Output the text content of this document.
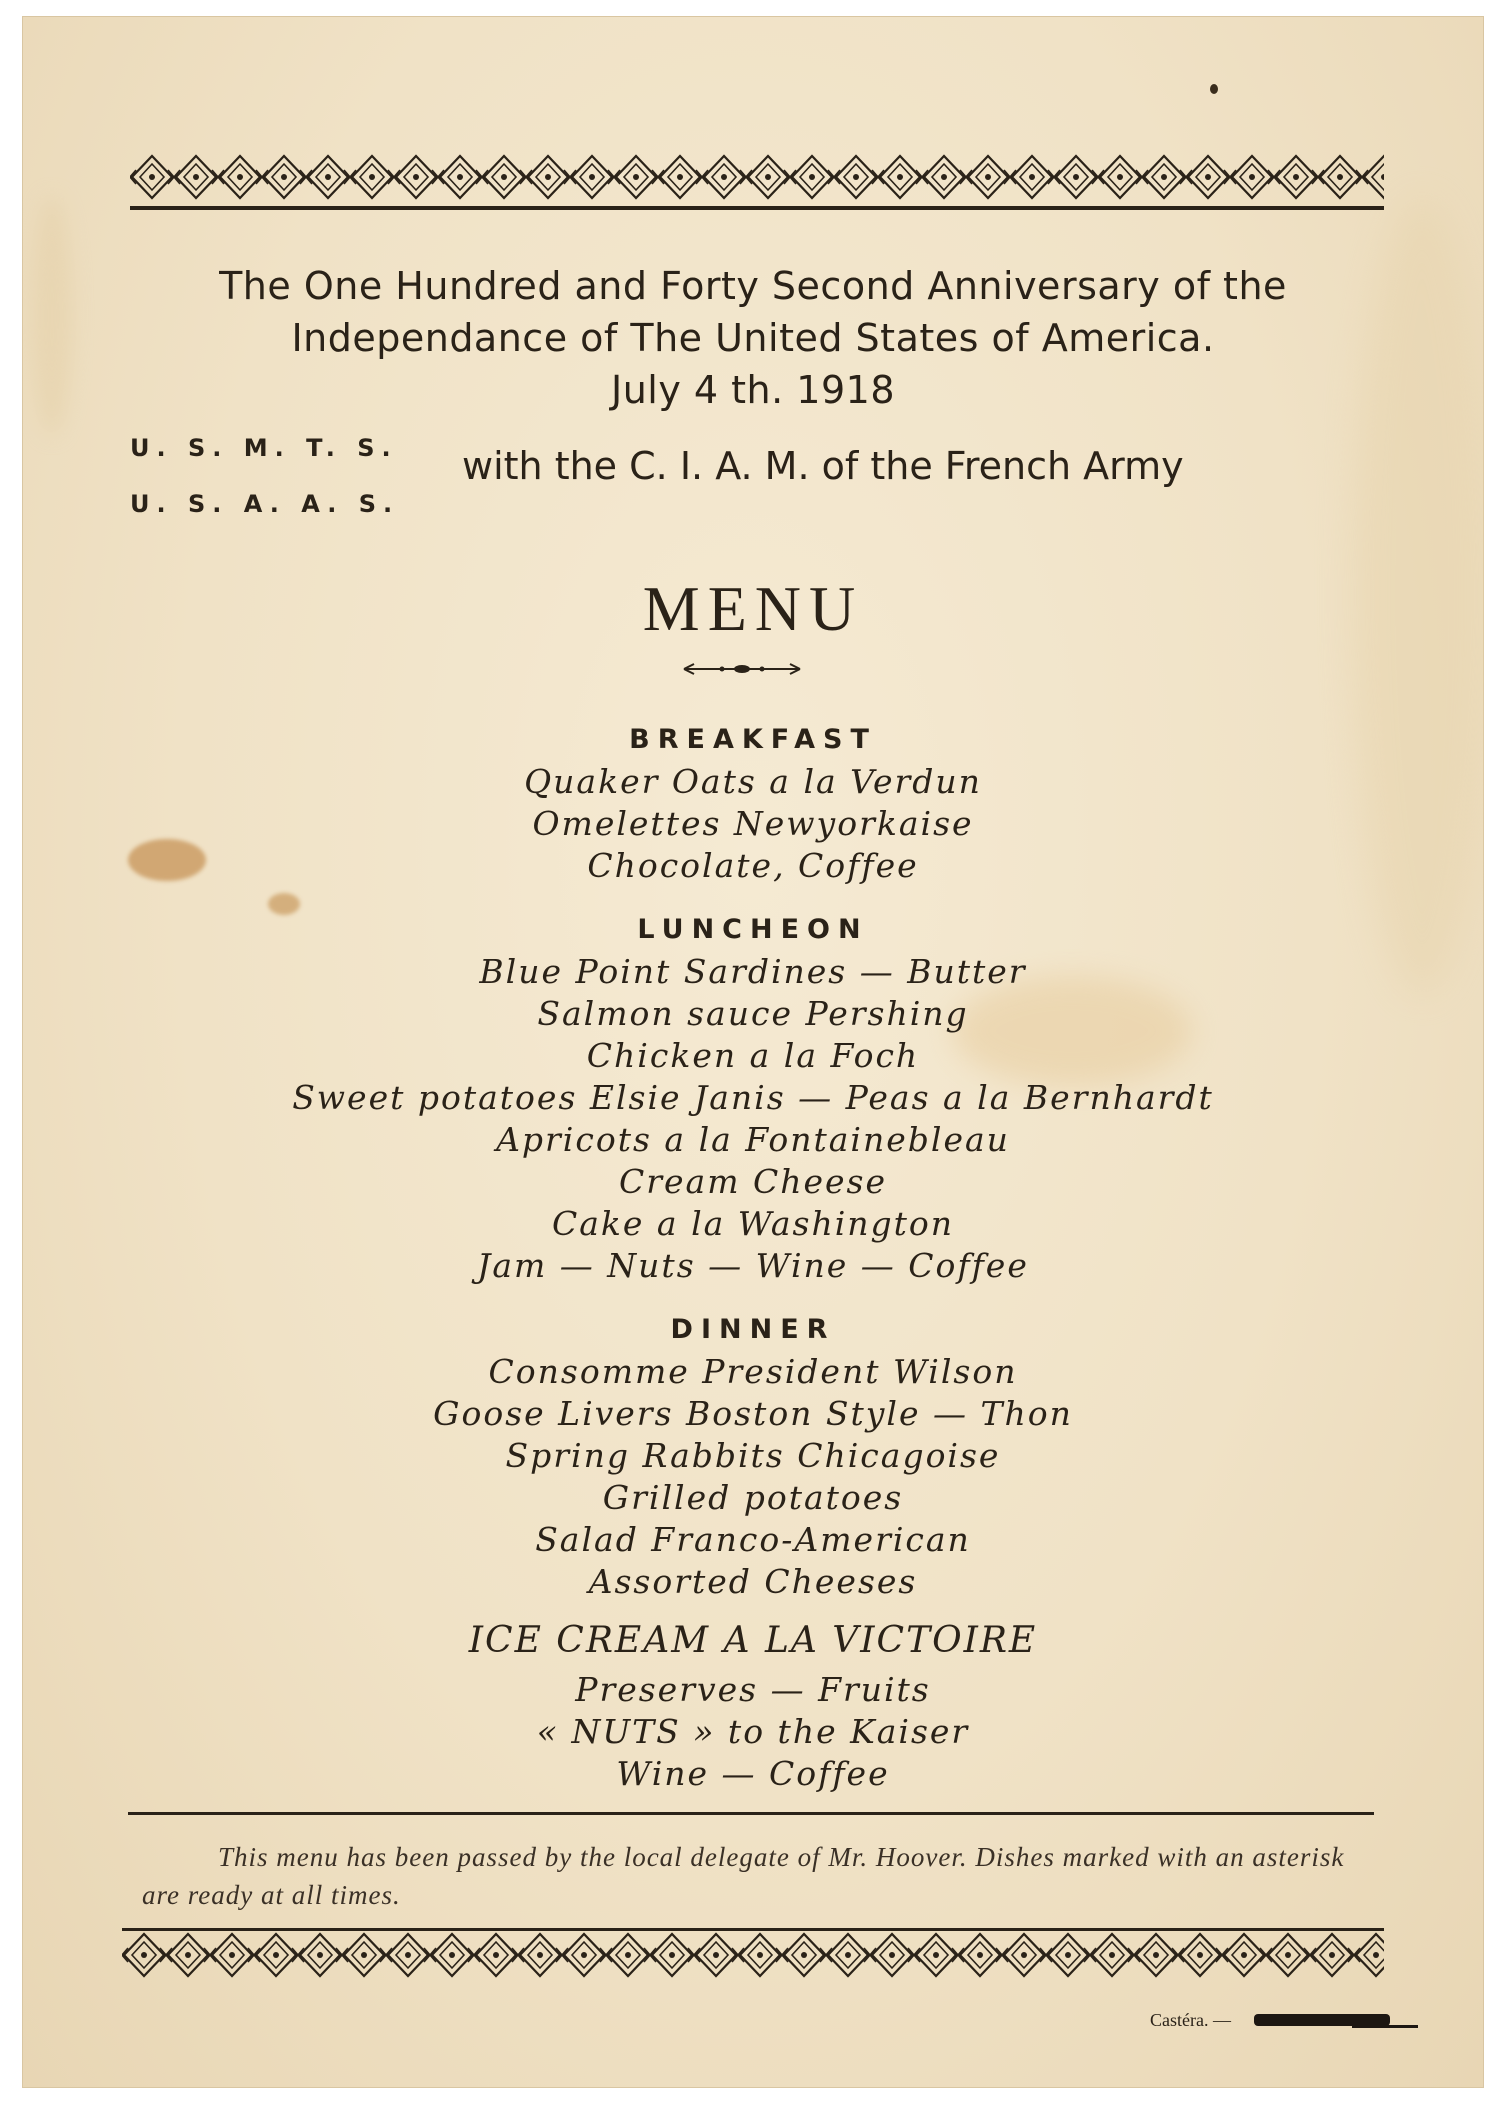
The One Hundred and Forty Second Anniversary of the
Independance of The United States of America.
July 4 th. 1918
U. S. M. T. S.
U. S. A. A. S.
with the C. I. A. M. of the French Army
MENU
BREAKFAST
Quaker Oats a la Verdun
Omelettes Newyorkaise
Chocolate, Coffee
LUNCHEON
Blue Point Sardines — Butter
Salmon sauce Pershing
Chicken a la Foch
Sweet potatoes Elsie Janis — Peas a la Bernhardt
Apricots a la Fontainebleau
Cream Cheese
Cake a la Washington
Jam — Nuts — Wine — Coffee
DINNER
Consomme President Wilson
Goose Livers Boston Style — Thon
Spring Rabbits Chicagoise
Grilled potatoes
Salad Franco-American
Assorted Cheeses
ICE CREAM A LA VICTOIRE
Preserves — Fruits
« NUTS » to the Kaiser
Wine — Coffee
This menu has been passed by the local delegate of Mr. Hoover. Dishes marked with an asterisk are ready at all times.
Castéra. —
